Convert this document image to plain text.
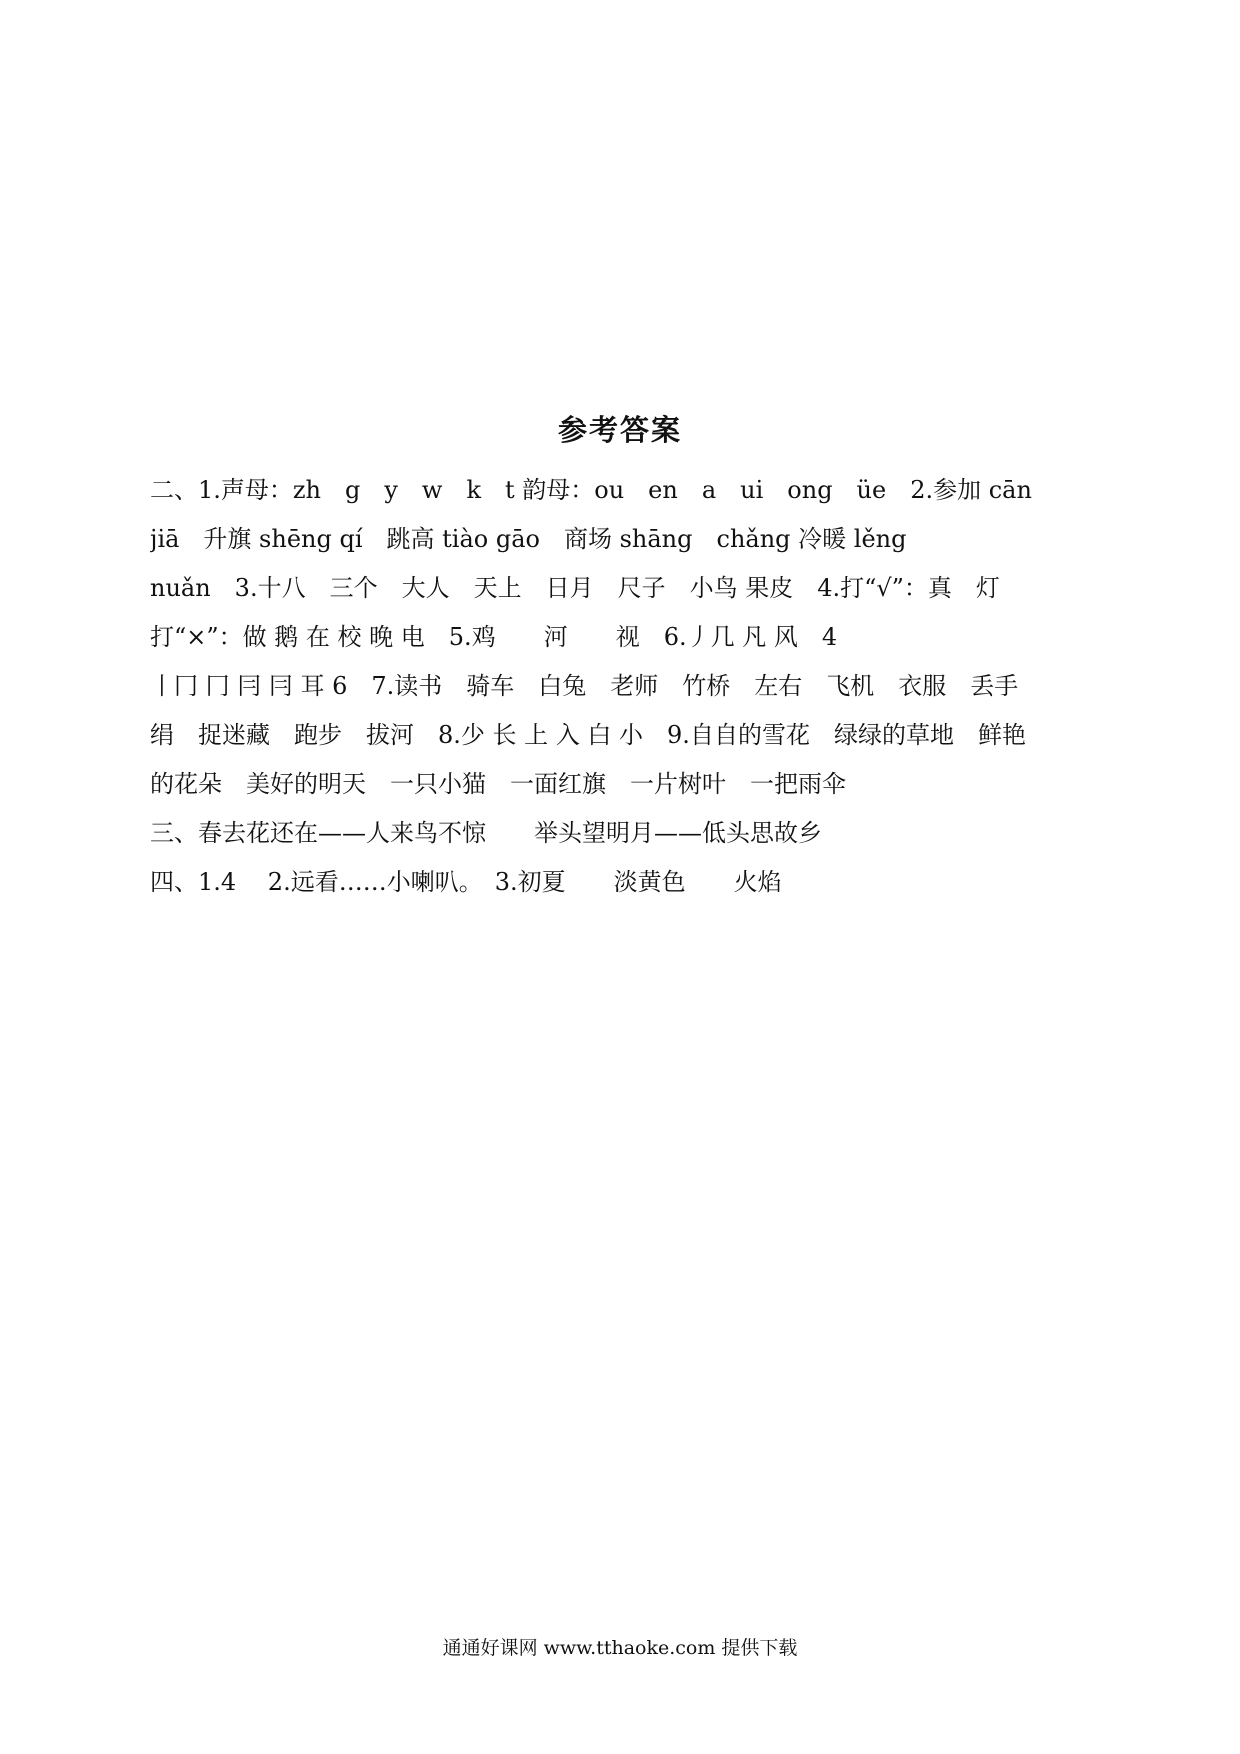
参考答案
二、1.声母：zh　g　y　w　k　t 韵母：ou　en　a　ui　ong　üe　2.参加 cān
jiā　升旗 shēng qí　跳高 tiào gāo　商场 shāng　chǎng 冷暖 lěng
nuǎn　3.十八　三个　大人　天上　日月　尺子　小鸟 果皮　4.打“√”：真　灯
打“×”：做 鹅 在 校 晚 电　5.鸡　　河　　视　6.丿几 凡 风　4
丨冂 冂 冃 冃 耳 6　7.读书　骑车　白兔　老师　竹桥　左右　飞机　衣服　丢手
绢　捉迷藏　跑步　拔河　8.少 长 上 入 白 小　9.自自的雪花　绿绿的草地　鲜艳
的花朵　美好的明天　一只小猫　一面红旗　一片树叶　一把雨伞
三、春去花还在——人来鸟不惊　　举头望明月——低头思故乡
四、1.4　 2.远看……小喇叭。　3.初夏　　淡黄色　　火焰
通通好课网 www.tthaoke.com 提供下载
